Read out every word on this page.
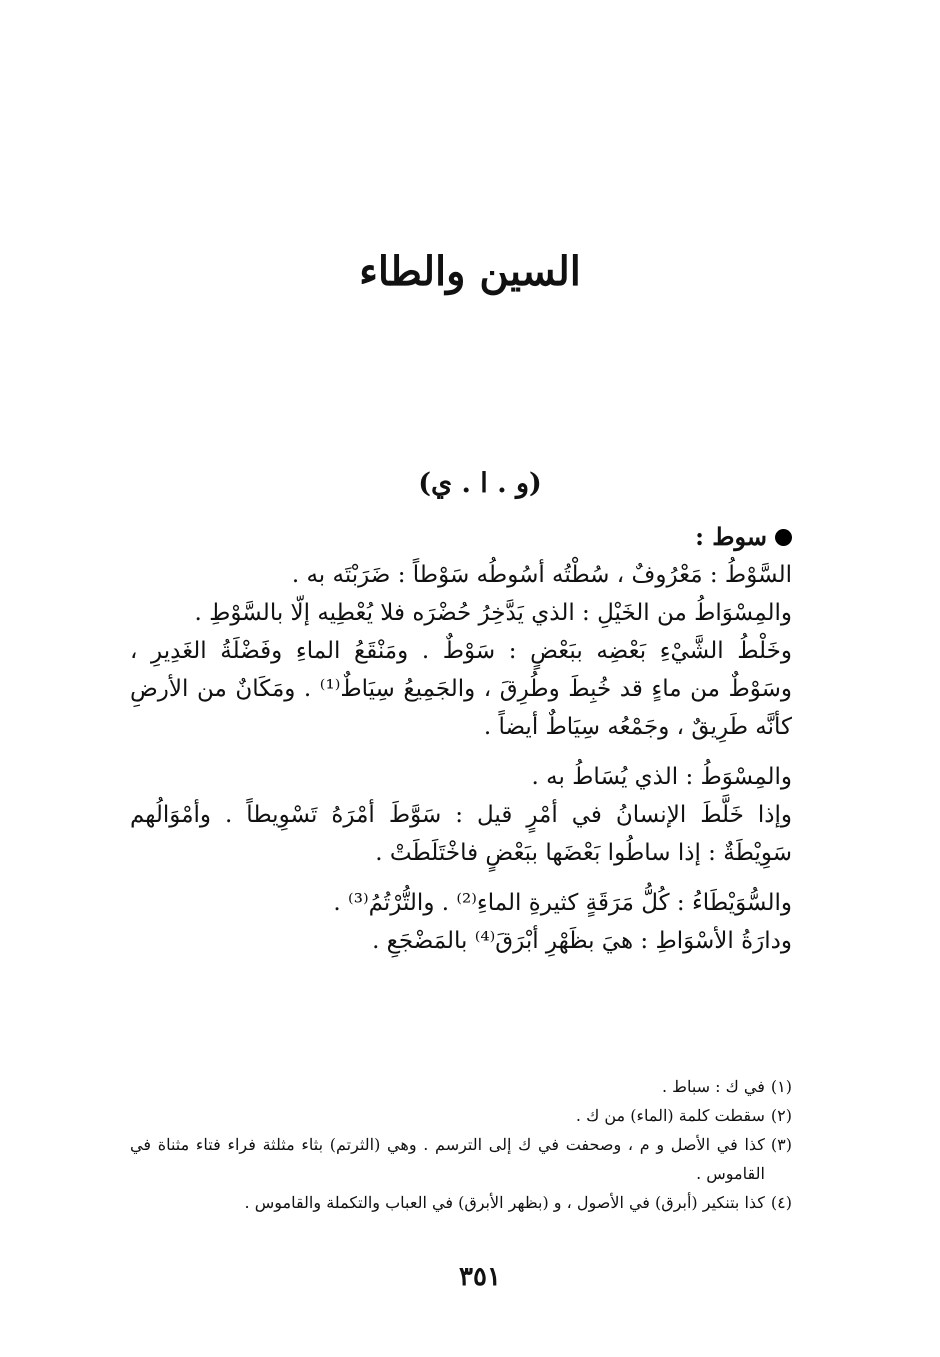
السين والطاء
(و . ا . ي)
سوط :

السَّوْطُ : مَعْرُوفٌ ، سُطْتُه أسُوطُه سَوْطاً : ضَرَبْتَه به .

والمِسْوَاطُ من الخَيْلِ : الذي يَدَّخِرُ حُضْرَه فلا يُعْطِيه إلّا بالسَّوْطِ .

وخَلْطُ الشَّيْءِ بَعْضِه ببَعْضٍ : سَوْطٌ . ومَنْقَعُ الماءِ وفَضْلَةُ الغَدِيرِ ، وسَوْطٌ من ماءٍ قد خُبِطَ وطُرِقَ ، والجَمِيعُ سِيَاطٌ⁽¹⁾ . ومَكَانٌ من الأرضِ كأنَّه طَرِيقٌ ، وجَمْعُه سِيَاطٌ أيضاً .

والمِسْوَطُ : الذي يُسَاطُ به .

وإذا خَلَّطَ الإنسانُ في أمْرٍ قيل : سَوَّطَ أمْرَهُ تَسْوِيطاً . وأمْوَالُهم سَوِيْطَةٌ : إذا ساطُوا بَعْضَها ببَعْضٍ فاخْتَلَطَتْ .

والسُّوَيْطَاءُ : كُلُّ مَرَقَةٍ كثيرةِ الماءِ⁽²⁾ . والتُّرْتُمُ⁽³⁾ .

ودارَةُ الأسْوَاطِ : هيَ بظَهْرِ أبْرَقَ⁽⁴⁾ بالمَضْجَعِ .

(١)
في ك : سباط .

(٢)
سقطت كلمة (الماء) من ك .

(٣)
كذا في الأصل و م ، وصحفت في ك إلى الترسم . وهي (الثرتم) بثاء مثلثة فراء فتاء مثناة في القاموس .

(٤)
كذا بتنكير (أبرق) في الأصول ، و (بظهر الأبرق) في العباب والتكملة والقاموس .

٣٥١
